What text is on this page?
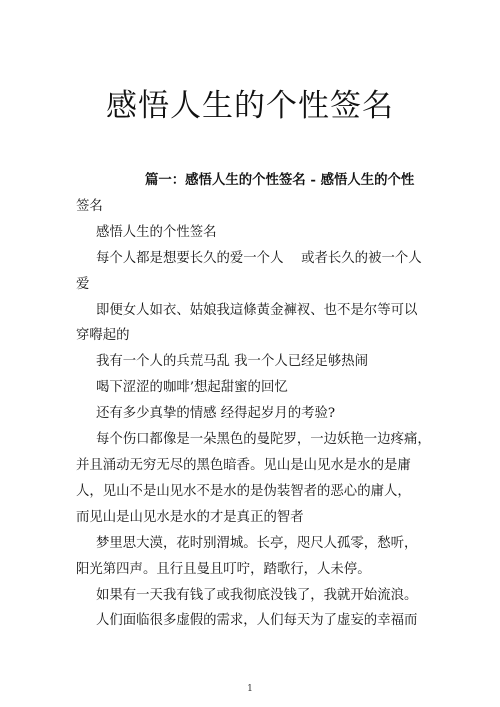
感悟人生的个性签名

篇一：感悟人生的个性签名 - 感悟人生的个性

签名

感悟人生的个性签名

每个人都是想要长久的爱一个人　 或者长久的被一个人

爱

即便女人如衣、姑娘我這條黃金褲衩、也不是尔等可以

穿嘚起的

我有一个人的兵荒马乱 我一个人已经足够热闹

喝下涩涩的咖啡’想起甜蜜的回忆

还有多少真挚的情感 经得起岁月的考验?

每个伤口都像是一朵黑色的曼陀罗，一边妖艳一边疼痛，

并且涌动无穷无尽的黑色暗香。见山是山见水是水的是庸

人，见山不是山见水不是水的是伪装智者的恶心的庸人，

而见山是山见水是水的才是真正的智者

梦里思大漠，花时别渭城。长亭，咫尺人孤零，愁听，

阳光第四声。且行且曼且叮咛，踏歌行，人未停。

如果有一天我有钱了或我彻底没钱了，我就开始流浪。

人们面临很多虚假的需求，人们每天为了虚妄的幸福而

1
